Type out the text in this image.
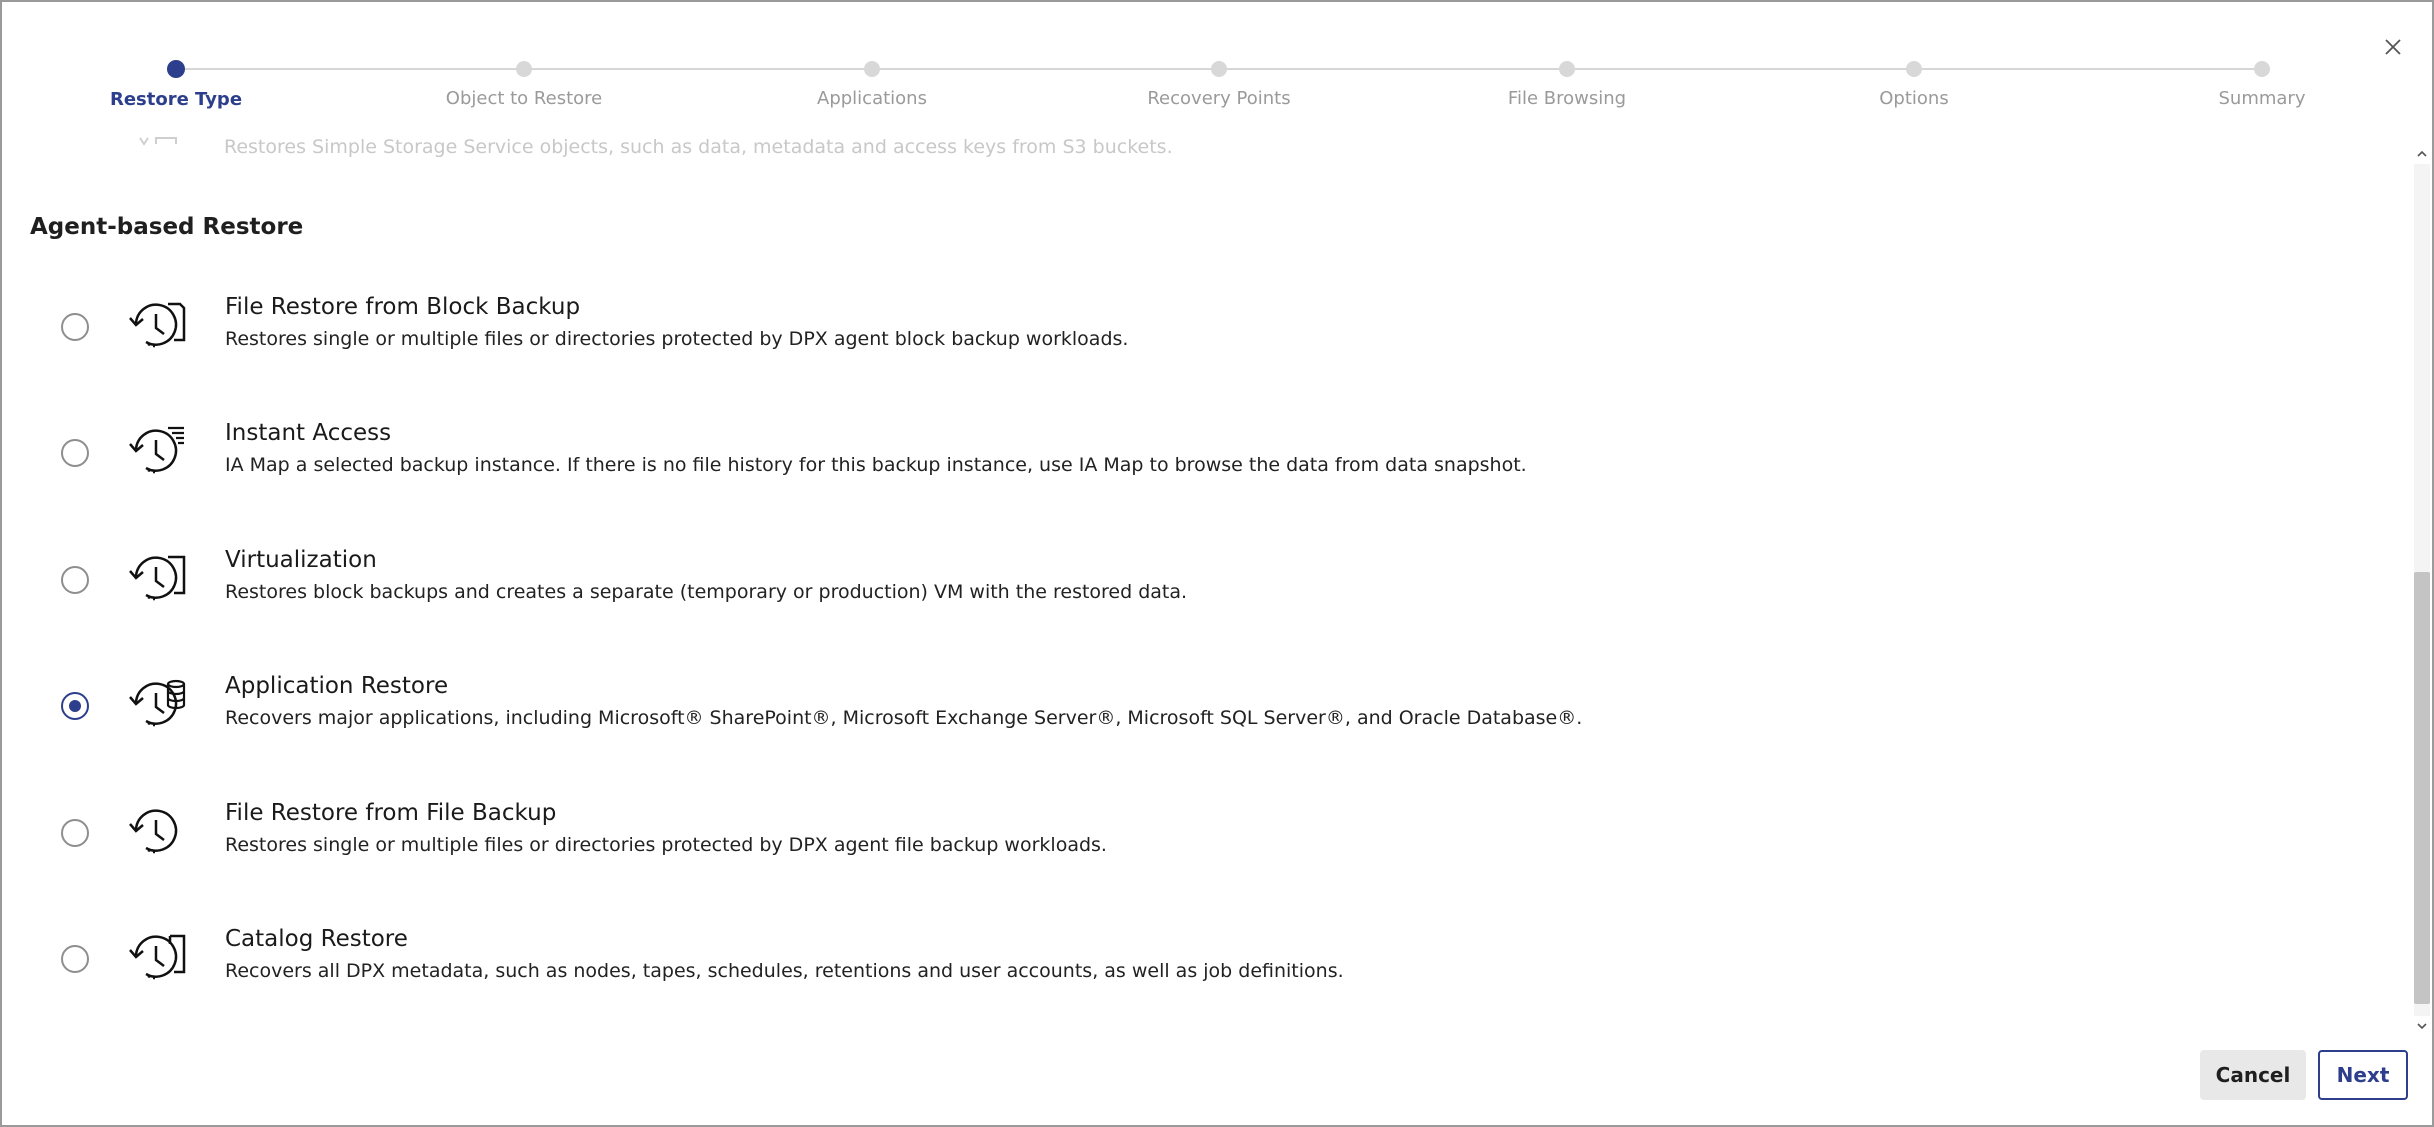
Restore Type	Object to Restore	Applications	Recovery Points	File Browsing	Options	Summary
Restores Simple Storage Service objects, such as data, metadata and access keys from S3 buckets.
Agent-based Restore
File Restore from Block Backup
Restores single or multiple files or directories protected by DPX agent block backup workloads.
Instant Access
IA Map a selected backup instance. If there is no file history for this backup instance, use IA Map to browse the data from data snapshot.
Virtualization
Restores block backups and creates a separate (temporary or production) VM with the restored data.
Application Restore
Recovers major applications, including Microsoft® SharePoint®, Microsoft Exchange Server®, Microsoft SQL Server®, and Oracle Database®.
File Restore from File Backup
Restores single or multiple files or directories protected by DPX agent file backup workloads.
Catalog Restore
Recovers all DPX metadata, such as nodes, tapes, schedules, retentions and user accounts, as well as job definitions.
Cancel	Next
